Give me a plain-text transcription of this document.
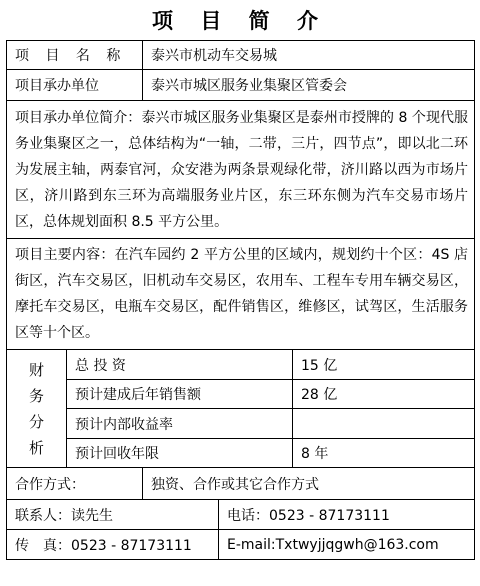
项 目 简 介
项 目 名 称		泰兴市机动车交易城		
项目承办单位		泰兴市城区服务业集聚区管委会		
项目承办单位简介：泰兴市城区服务业集聚区是泰州市授牌的 8 个现代服务业集聚区之一，总体结构为“一轴，二带，三片，四节点”，即以北二环为发展主轴，两泰官河，众安港为两条景观绿化带，济川路以西为市场片区，济川路到东三环为高端服务业片区，东三环东侧为汽车交易市场片区，总体规划面积 8.5 平方公里。				
项目主要内容：在汽车园约 2 平方公里的区域内，规划约十个区：4S 店街区，汽车交易区，旧机动车交易区，农用车、工程车专用车辆交易区，摩托车交易区，电瓶车交易区，配件销售区，维修区，试驾区，生活服务区等十个区。				

财
务
分
析	总 投 资			15 亿
	预计建成后年销售额			28 亿
	预计内部收益率			
	预计回收年限			8 年
合作方式：		独资、合作或其它合作方式		
联系人：读先生			电话：0523 - 87173111	
传　真：0523 - 87173111			E-mail:Txtwyjjqgwh@163.com	
